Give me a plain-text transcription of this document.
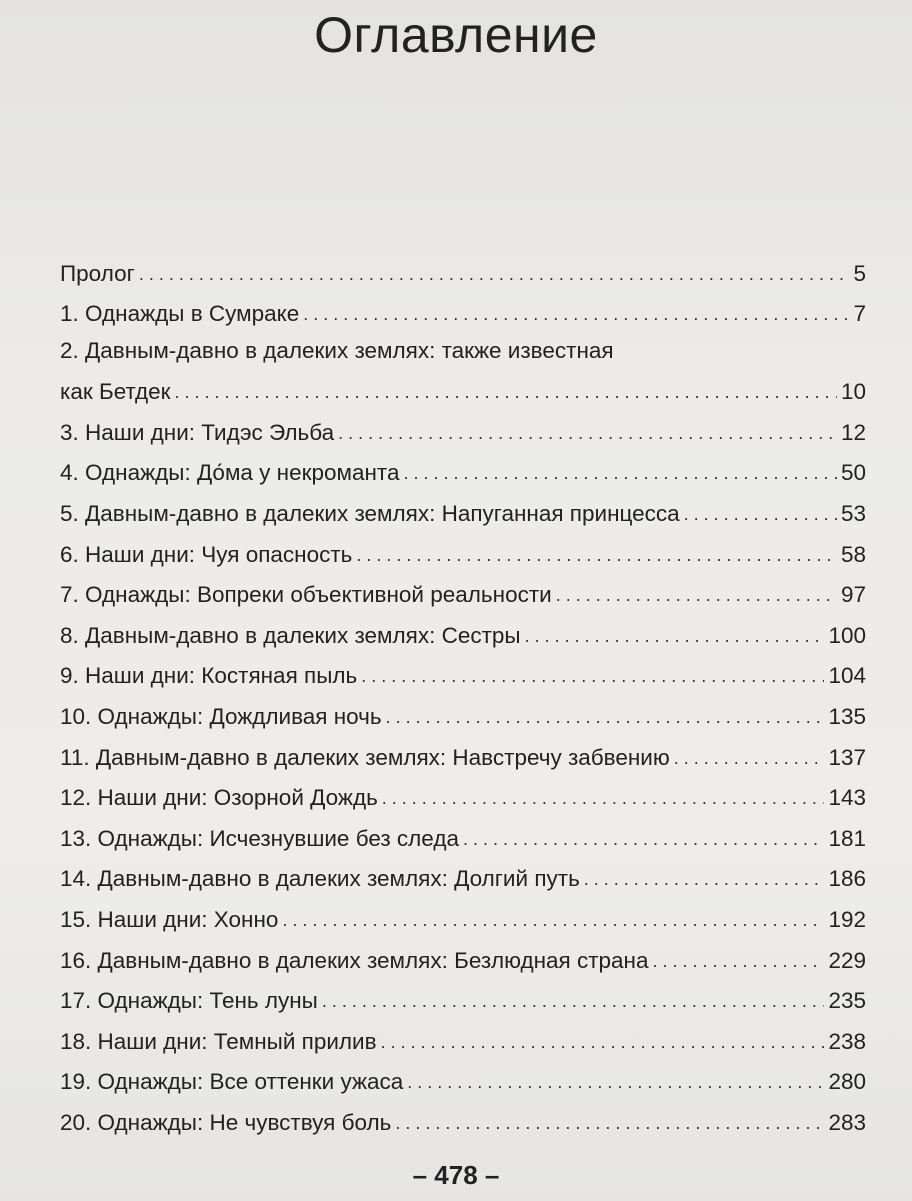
Оглавление
Пролог . . .	5
1. Однажды в Сумраке . . .	7
2. Давным-давно в далеких землях: также известная
как Бетдек . . .	10
3. Наши дни: Тидэс Эльба . . .	12
4. Однажды: До́ма у некроманта . . .	50
5. Давным-давно в далеких землях: Напуганная принцесса . . .	53
6. Наши дни: Чуя опасность . . .	58
7. Однажды: Вопреки объективной реальности . . .	97
8. Давным-давно в далеких землях: Сестры . . .	100
9. Наши дни: Костяная пыль . . .	104
10. Однажды: Дождливая ночь . . .	135
11. Давным-давно в далеких землях: Навстречу забвению . . .	137
12. Наши дни: Озорной Дождь . . .	143
13. Однажды: Исчезнувшие без следа . . .	181
14. Давным-давно в далеких землях: Долгий путь . . .	186
15. Наши дни: Хонно . . .	192
16. Давным-давно в далеких землях: Безлюдная страна . . .	229
17. Однажды: Тень луны . . .	235
18. Наши дни: Темный прилив . . .	238
19. Однажды: Все оттенки ужаса . . .	280
20. Однажды: Не чувствуя боль . . .	283
– 478 –
